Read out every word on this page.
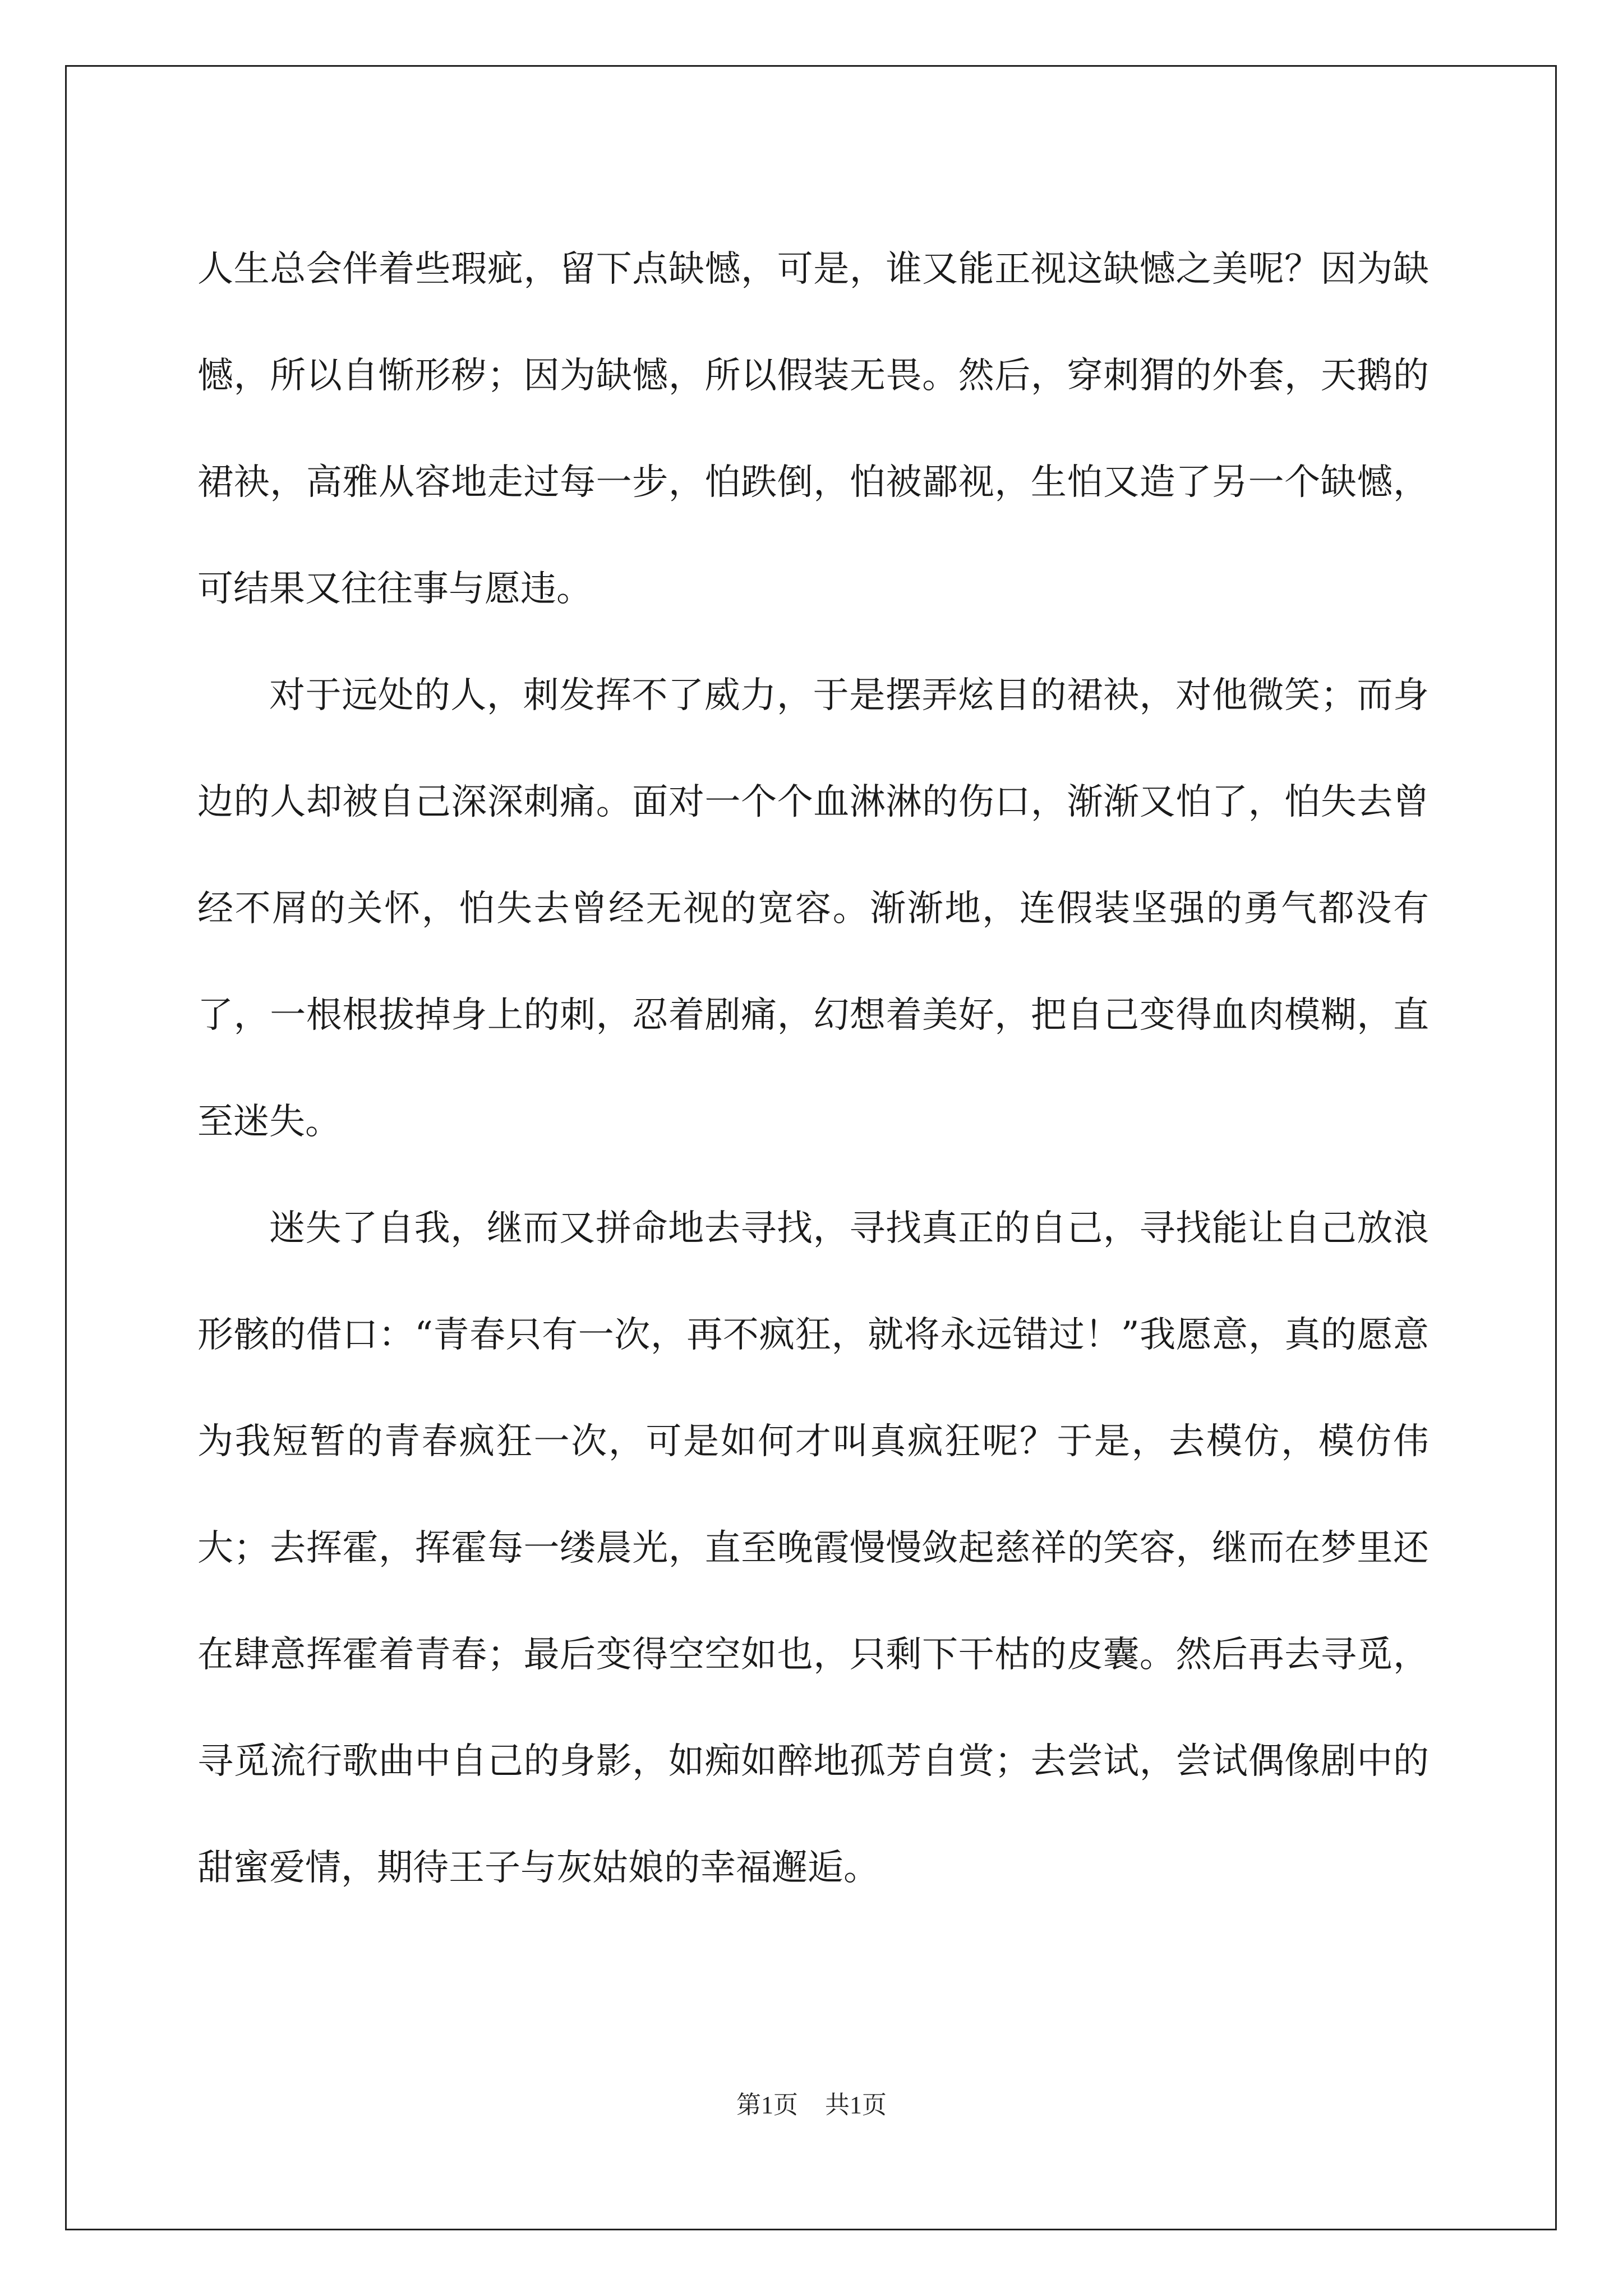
人生总会伴着些瑕疵，留下点缺憾，可是，谁又能正视这缺憾之美呢？因为缺憾，所以自惭形秽；因为缺憾，所以假装无畏。然后，穿刺猬的外套，天鹅的裙袂，高雅从容地走过每一步，怕跌倒，怕被鄙视，生怕又造了另一个缺憾，可结果又往往事与愿违。

对于远处的人，刺发挥不了威力，于是摆弄炫目的裙袂，对他微笑；而身边的人却被自己深深刺痛。面对一个个血淋淋的伤口，渐渐又怕了，怕失去曾经不屑的关怀，怕失去曾经无视的宽容。渐渐地，连假装坚强的勇气都没有了，一根根拔掉身上的刺，忍着剧痛，幻想着美好，把自己变得血肉模糊，直至迷失。

迷失了自我，继而又拼命地去寻找，寻找真正的自己，寻找能让自己放浪形骸的借口：“青春只有一次，再不疯狂，就将永远错过！”我愿意，真的愿意为我短暂的青春疯狂一次，可是如何才叫真疯狂呢？于是，去模仿，模仿伟大；去挥霍，挥霍每一缕晨光，直至晚霞慢慢敛起慈祥的笑容，继而在梦里还在肆意挥霍着青春；最后变得空空如也，只剩下干枯的皮囊。然后再去寻觅，寻觅流行歌曲中自己的身影，如痴如醉地孤芳自赏；去尝试，尝试偶像剧中的甜蜜爱情，期待王子与灰姑娘的幸福邂逅。

第1页 共1页
